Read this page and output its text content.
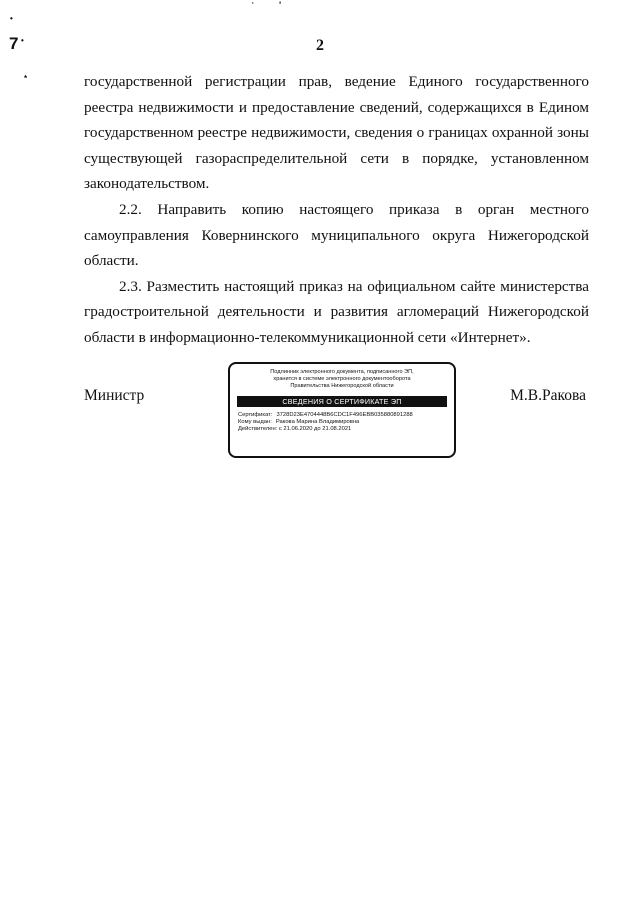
•
7
˙	'
•
*
2

государственной регистрации прав, ведение Единого государственного реестра недвижимости и предоставление сведений, содержащихся в Едином государственном реестре недвижимости, сведения о границах охранной зоны существующей газораспределительной сети в порядке, установленном законодательством.

2.2. Направить копию настоящего приказа в орган местного самоуправления Ковернинского муниципального округа Нижегородской области.

2.3. Разместить настоящий приказ на официальном сайте министерства градостроительной деятельности и развития агломераций Нижегородской области в информационно-телекоммуникационной сети «Интернет».

Министр
Подлинник электронного документа, подписанного ЭП,
хранится в системе электронного документооборота
Правительства Нижегородской области
СВЕДЕНИЯ О СЕРТИФИКАТЕ ЭП
Сертификат: 3728D23E4704448B6CDC1F496EBB035880891288
Кому выдан: Ракова Марина Владимировна
Действителен: с 21.06.2020 до 21.08.2021
М.В.Ракова
